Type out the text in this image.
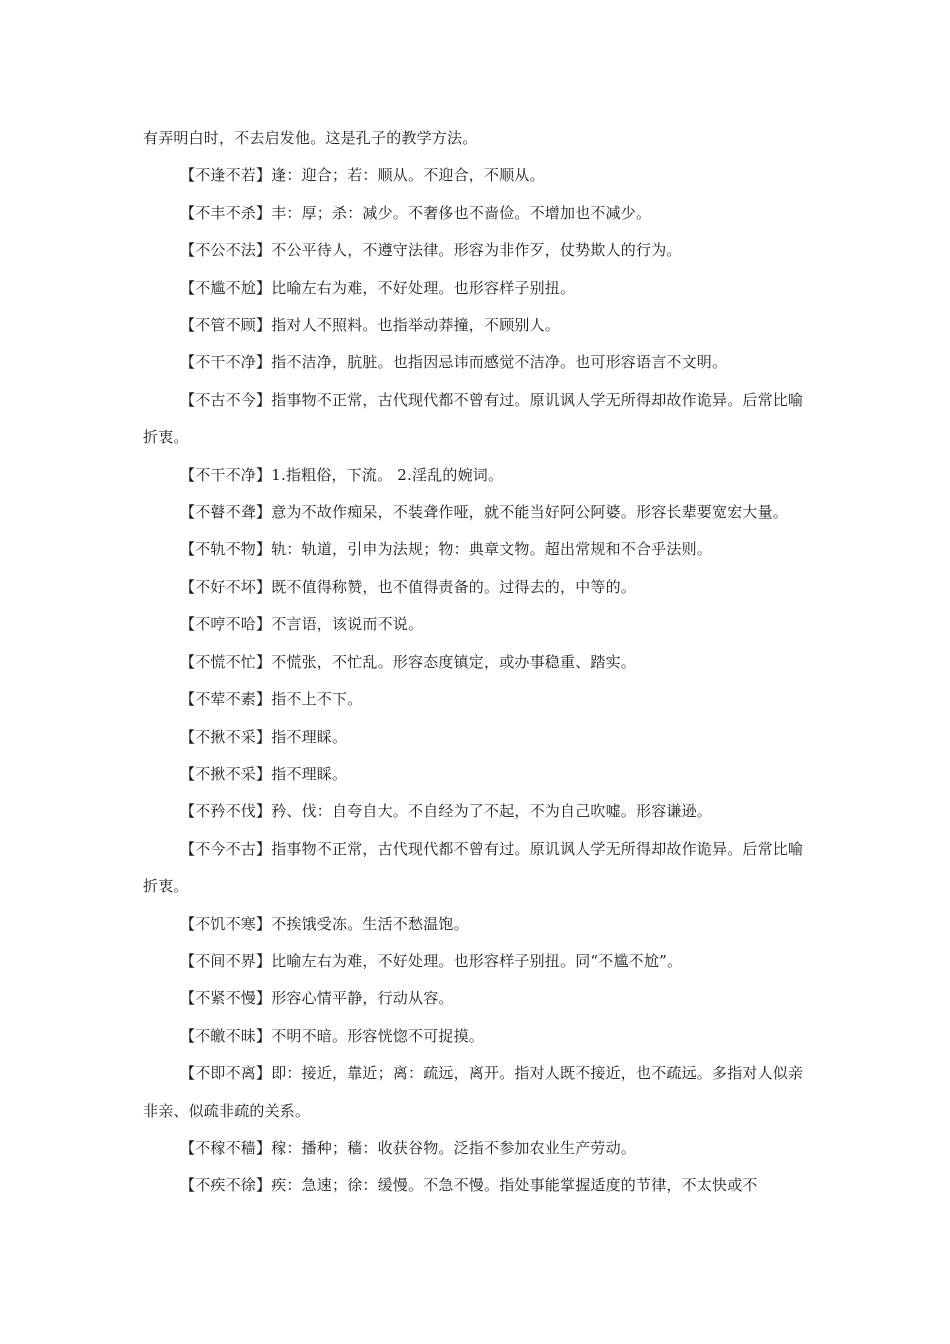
有弄明白时，不去启发他。这是孔子的教学方法。

【不逢不若】逢：迎合；若：顺从。不迎合，不顺从。

【不丰不杀】丰：厚；杀：减少。不奢侈也不啬俭。不增加也不减少。

【不公不法】不公平待人，不遵守法律。形容为非作歹，仗势欺人的行为。

【不尴不尬】比喻左右为难，不好处理。也形容样子别扭。

【不管不顾】指对人不照料。也指举动莽撞，不顾别人。

【不干不净】指不洁净，肮脏。也指因忌讳而感觉不洁净。也可形容语言不文明。

【不古不今】指事物不正常，古代现代都不曾有过。原讥讽人学无所得却故作诡异。后常比喻折衷。

【不干不净】1.指粗俗，下流。 2.淫乱的婉词。

【不瞽不聋】意为不故作痴呆，不装聋作哑，就不能当好阿公阿婆。形容长辈要宽宏大量。

【不轨不物】轨：轨道，引申为法规；物：典章文物。超出常规和不合乎法则。

【不好不坏】既不值得称赞，也不值得责备的。过得去的，中等的。

【不哼不哈】不言语，该说而不说。

【不慌不忙】不慌张，不忙乱。形容态度镇定，或办事稳重、踏实。

【不荤不素】指不上不下。

【不揪不采】指不理睬。

【不揪不采】指不理睬。

【不矜不伐】矜、伐：自夸自大。不自经为了不起，不为自己吹嘘。形容谦逊。

【不今不古】指事物不正常，古代现代都不曾有过。原讥讽人学无所得却故作诡异。后常比喻折衷。

【不饥不寒】不挨饿受冻。生活不愁温饱。

【不间不界】比喻左右为难，不好处理。也形容样子别扭。同“不尴不尬”。

【不紧不慢】形容心情平静，行动从容。

【不皦不昧】不明不暗。形容恍惚不可捉摸。

【不即不离】即：接近，靠近；离：疏远，离开。指对人既不接近，也不疏远。多指对人似亲非亲、似疏非疏的关系。

【不稼不穑】稼：播种；穑：收获谷物。泛指不参加农业生产劳动。

【不疾不徐】疾：急速；徐：缓慢。不急不慢。指处事能掌握适度的节律，不太快或不
